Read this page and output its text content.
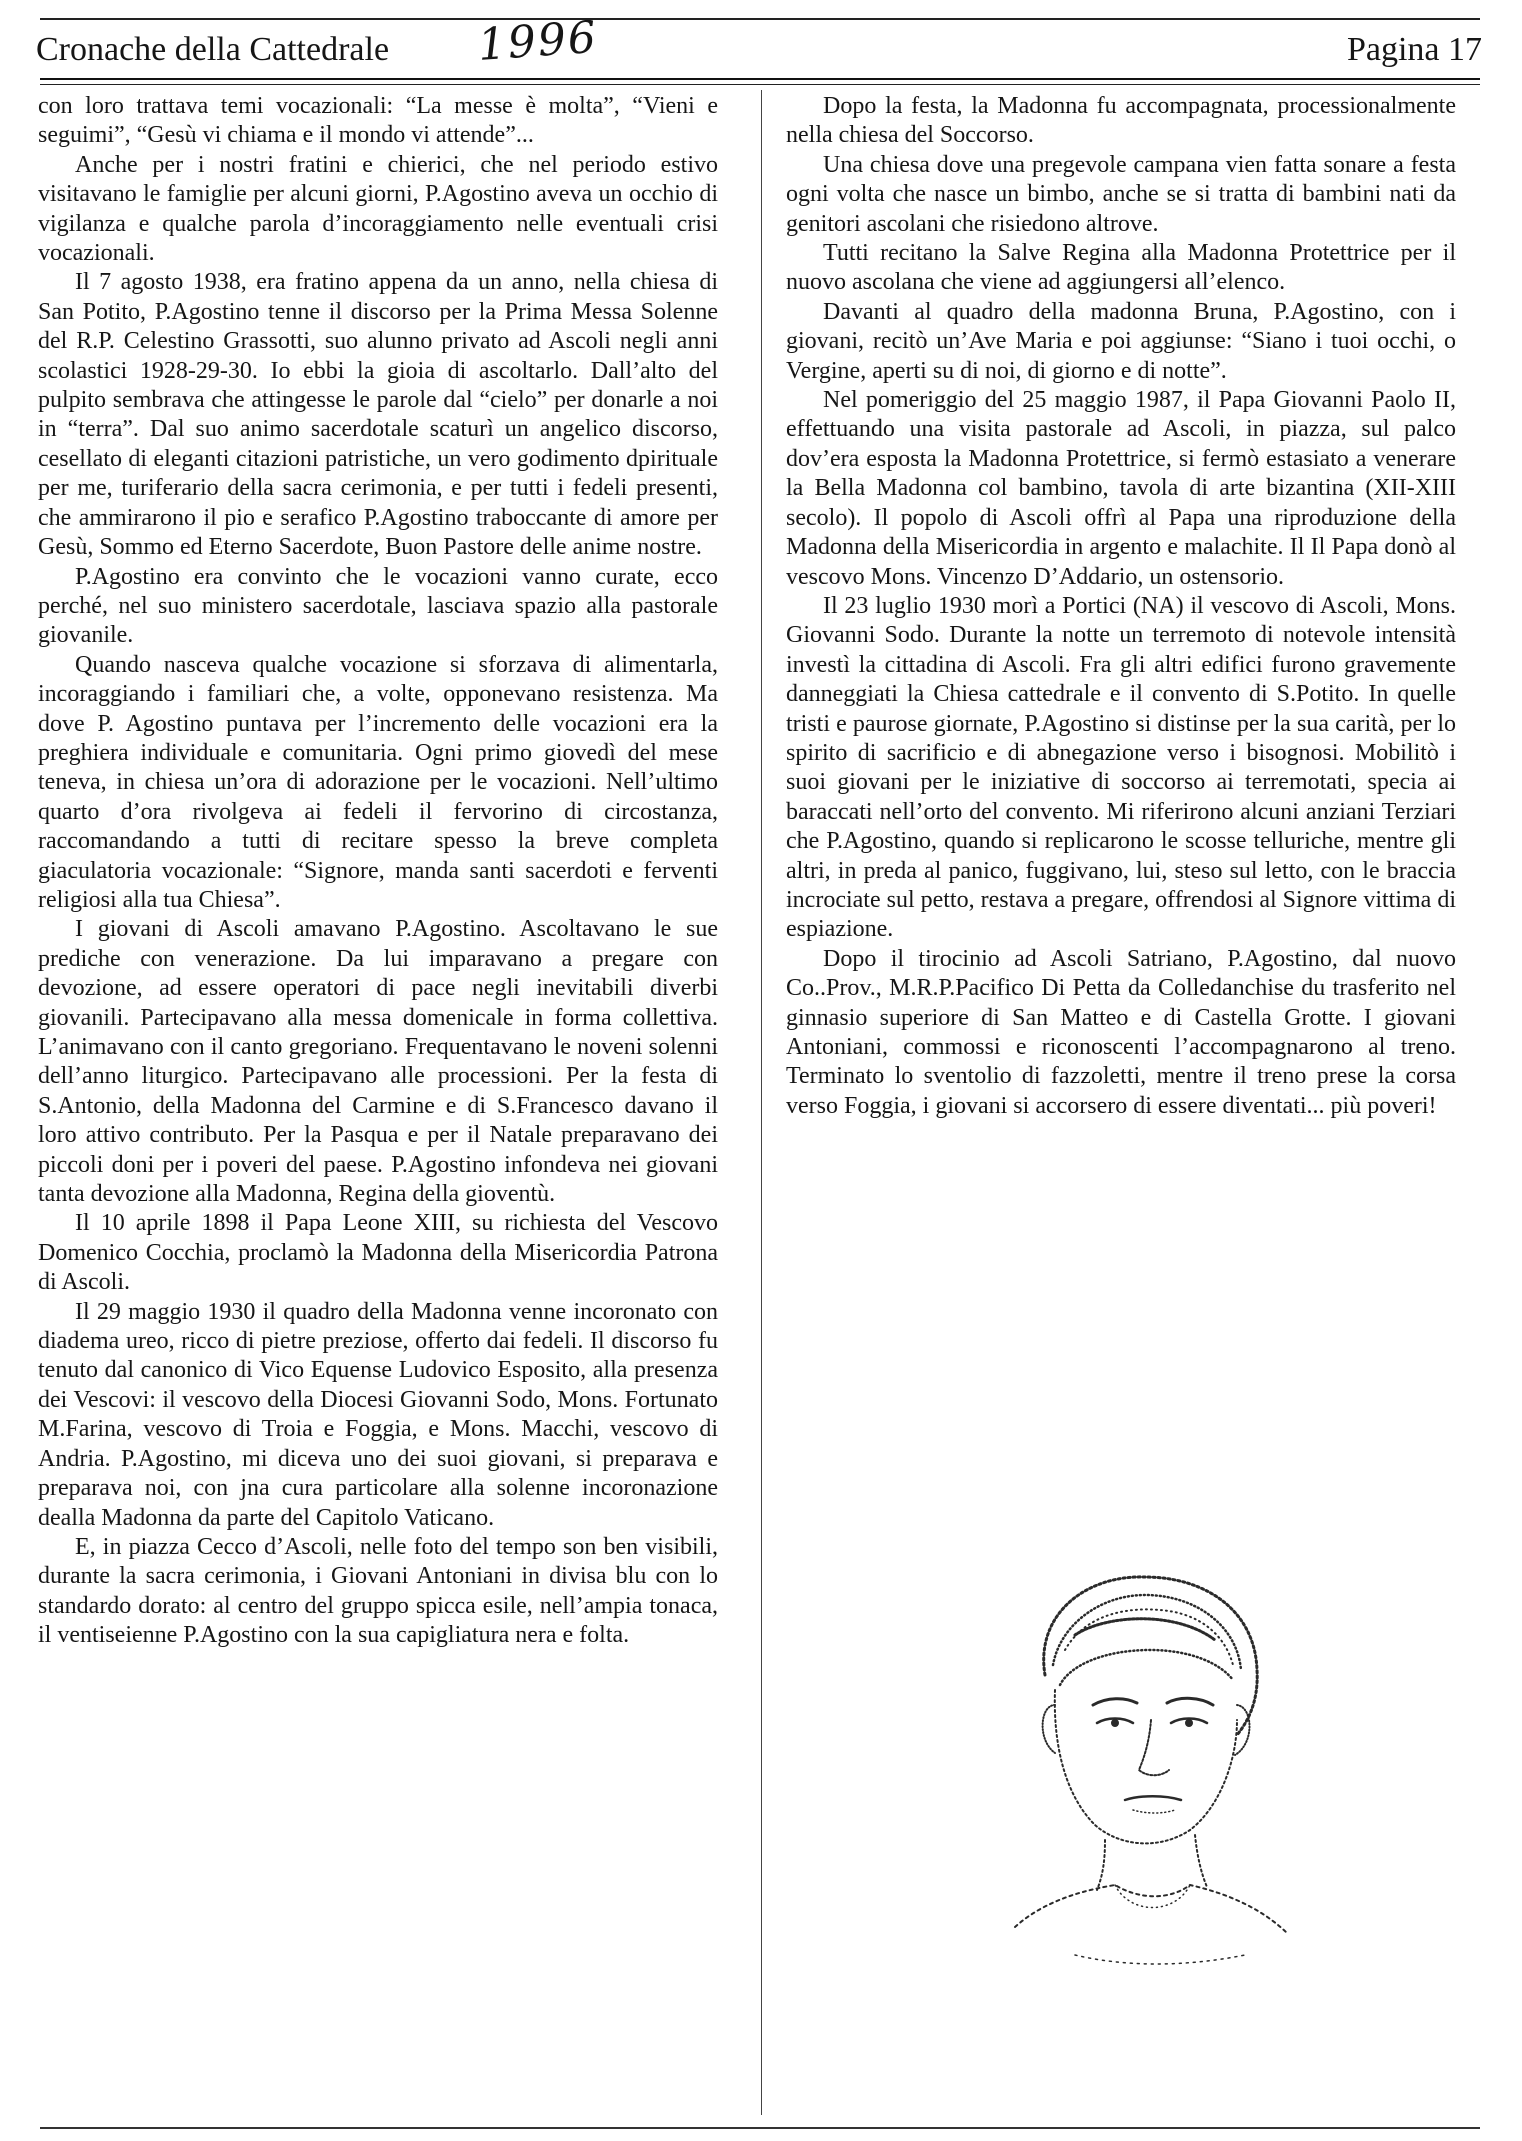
Cronache della Cattedrale 1996	Pagina 17

con loro trattava temi vocazionali: “La messe è molta”, “Vieni e seguimi”, “Gesù vi chiama e il mondo vi attende”...

Anche per i nostri fratini e chierici, che nel periodo estivo visitavano le famiglie per alcuni giorni, P.Agostino aveva un occhio di vigilanza e qualche parola d’incoraggiamento nelle eventuali crisi vocazionali.

Il 7 agosto 1938, era fratino appena da un anno, nella chiesa di San Potito, P.Agostino tenne il discorso per la Prima Messa Solenne del R.P. Celestino Grassotti, suo alunno privato ad Ascoli negli anni scolastici 1928-29-30. Io ebbi la gioia di ascoltarlo. Dall’alto del pulpito sembrava che attingesse le parole dal “cielo” per donarle a noi in “terra”. Dal suo animo sacerdotale scaturì un angelico discorso, cesellato di eleganti citazioni patristiche, un vero godimento dpirituale per me, turiferario della sacra cerimonia, e per tutti i fedeli presenti, che ammirarono il pio e serafico P.Agostino traboccante di amore per Gesù, Sommo ed Eterno Sacerdote, Buon Pastore delle anime nostre.

P.Agostino era convinto che le vocazioni vanno curate, ecco perché, nel suo ministero sacerdotale, lasciava spazio alla pastorale giovanile.

Quando nasceva qualche vocazione si sforzava di alimentarla, incoraggiando i familiari che, a volte, opponevano resistenza. Ma dove P. Agostino puntava per l’incremento delle vocazioni era la preghiera individuale e comunitaria. Ogni primo giovedì del mese teneva, in chiesa un’ora di adorazione per le vocazioni. Nell’ultimo quarto d’ora rivolgeva ai fedeli il fervorino di circostanza, raccomandando a tutti di recitare spesso la breve completa giaculatoria vocazionale: “Signore, manda santi sacerdoti e ferventi religiosi alla tua Chiesa”.

I giovani di Ascoli amavano P.Agostino. Ascoltavano le sue prediche con venerazione. Da lui imparavano a pregare con devozione, ad essere operatori di pace negli inevitabili diverbi giovanili. Partecipavano alla messa domenicale in forma collettiva. L’animavano con il canto gregoriano. Frequentavano le noveni solenni dell’anno liturgico. Partecipavano alle processioni. Per la festa di S.Antonio, della Madonna del Carmine e di S.Francesco davano il loro attivo contributo. Per la Pasqua e per il Natale preparavano dei piccoli doni per i poveri del paese. P.Agostino infondeva nei giovani tanta devozione alla Madonna, Regina della gioventù.

Il 10 aprile 1898 il Papa Leone XIII, su richiesta del Vescovo Domenico Cocchia, proclamò la Madonna della Misericordia Patrona di Ascoli.

Il 29 maggio 1930 il quadro della Madonna venne incoronato con diadema ureo, ricco di pietre preziose, offerto dai fedeli. Il discorso fu tenuto dal canonico di Vico Equense Ludovico Esposito, alla presenza dei Vescovi: il vescovo della Diocesi Giovanni Sodo, Mons. Fortunato M.Farina, vescovo di Troia e Foggia, e Mons. Macchi, vescovo di Andria. P.Agostino, mi diceva uno dei suoi giovani, si preparava e preparava noi, con jna cura particolare alla solenne incoronazione dealla Madonna da parte del Capitolo Vaticano.

E, in piazza Cecco d’Ascoli, nelle foto del tempo son ben visibili, durante la sacra cerimonia, i Giovani Antoniani in divisa blu con lo standardo dorato: al centro del gruppo spicca esile, nell’ampia tonaca, il ventiseienne P.Agostino con la sua capigliatura nera e folta.

Dopo la festa, la Madonna fu accompagnata, processionalmente nella chiesa del Soccorso.

Una chiesa dove una pregevole campana vien fatta sonare a festa ogni volta che nasce un bimbo, anche se si tratta di bambini nati da genitori ascolani che risiedono altrove.

Tutti recitano la Salve Regina alla Madonna Protettrice per il nuovo ascolana che viene ad aggiungersi all’elenco.

Davanti al quadro della madonna Bruna, P.Agostino, con i giovani, recitò un’Ave Maria e poi aggiunse: “Siano i tuoi occhi, o Vergine, aperti su di noi, di giorno e di notte”.

Nel pomeriggio del 25 maggio 1987, il Papa Giovanni Paolo II, effettuando una visita pastorale ad Ascoli, in piazza, sul palco dov’era esposta la Madonna Protettrice, si fermò estasiato a venerare la Bella Madonna col bambino, tavola di arte bizantina (XII-XIII secolo). Il popolo di Ascoli offrì al Papa una riproduzione della Madonna della Misericordia in argento e malachite. Il Il Papa donò al vescovo Mons. Vincenzo D’Addario, un ostensorio.

Il 23 luglio 1930 morì a Portici (NA) il vescovo di Ascoli, Mons. Giovanni Sodo. Durante la notte un terremoto di notevole intensità investì la cittadina di Ascoli. Fra gli altri edifici furono gravemente danneggiati la Chiesa cattedrale e il convento di S.Potito. In quelle tristi e paurose giornate, P.Agostino si distinse per la sua carità, per lo spirito di sacrificio e di abnegazione verso i bisognosi. Mobilitò i suoi giovani per le iniziative di soccorso ai terremotati, specia ai baraccati nell’orto del convento. Mi riferirono alcuni anziani Terziari che P.Agostino, quando si replicarono le scosse telluriche, mentre gli altri, in preda al panico, fuggivano, lui, steso sul letto, con le braccia incrociate sul petto, restava a pregare, offrendosi al Signore vittima di espiazione.

Dopo il tirocinio ad Ascoli Satriano, P.Agostino, dal nuovo Co..Prov., M.R.P.Pacifico Di Petta da Colledanchise du trasferito nel ginnasio superiore di San Matteo e di Castella Grotte. I giovani Antoniani, commossi e riconoscenti l’accompagnarono al treno. Terminato lo sventolio di fazzoletti, mentre il treno prese la corsa verso Foggia, i giovani si accorsero di essere diventati... più poveri!
